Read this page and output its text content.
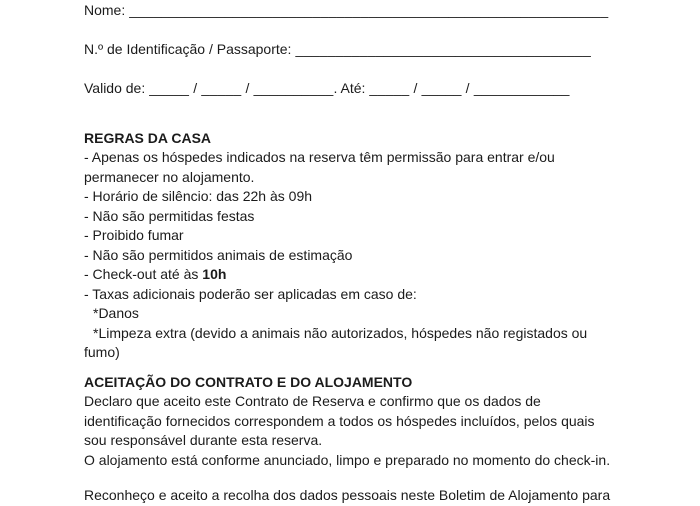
Nome: ____________________________________________________________
N.º de Identificação / Passaporte: _____________________________________
Valido de: _____ / _____ / __________. Até: _____ / _____ / ____________
REGRAS DA CASA
- Apenas os hóspedes indicados na reserva têm permissão para entrar e/ou
permanecer no alojamento.
- Horário de silêncio: das 22h às 09h
- Não são permitidas festas
- Proibido fumar
- Não são permitidos animais de estimação
- Check-out até às 10h
- Taxas adicionais poderão ser aplicadas em caso de:
*Danos
*Limpeza extra (devido a animais não autorizados, hóspedes não registados ou
fumo)
ACEITAÇÃO DO CONTRATO E DO ALOJAMENTO
Declaro que aceito este Contrato de Reserva e confirmo que os dados de
identificação fornecidos correspondem a todos os hóspedes incluídos, pelos quais
sou responsável durante esta reserva.
O alojamento está conforme anunciado, limpo e preparado no momento do check-in.
Reconheço e aceito a recolha dos dados pessoais neste Boletim de Alojamento para
